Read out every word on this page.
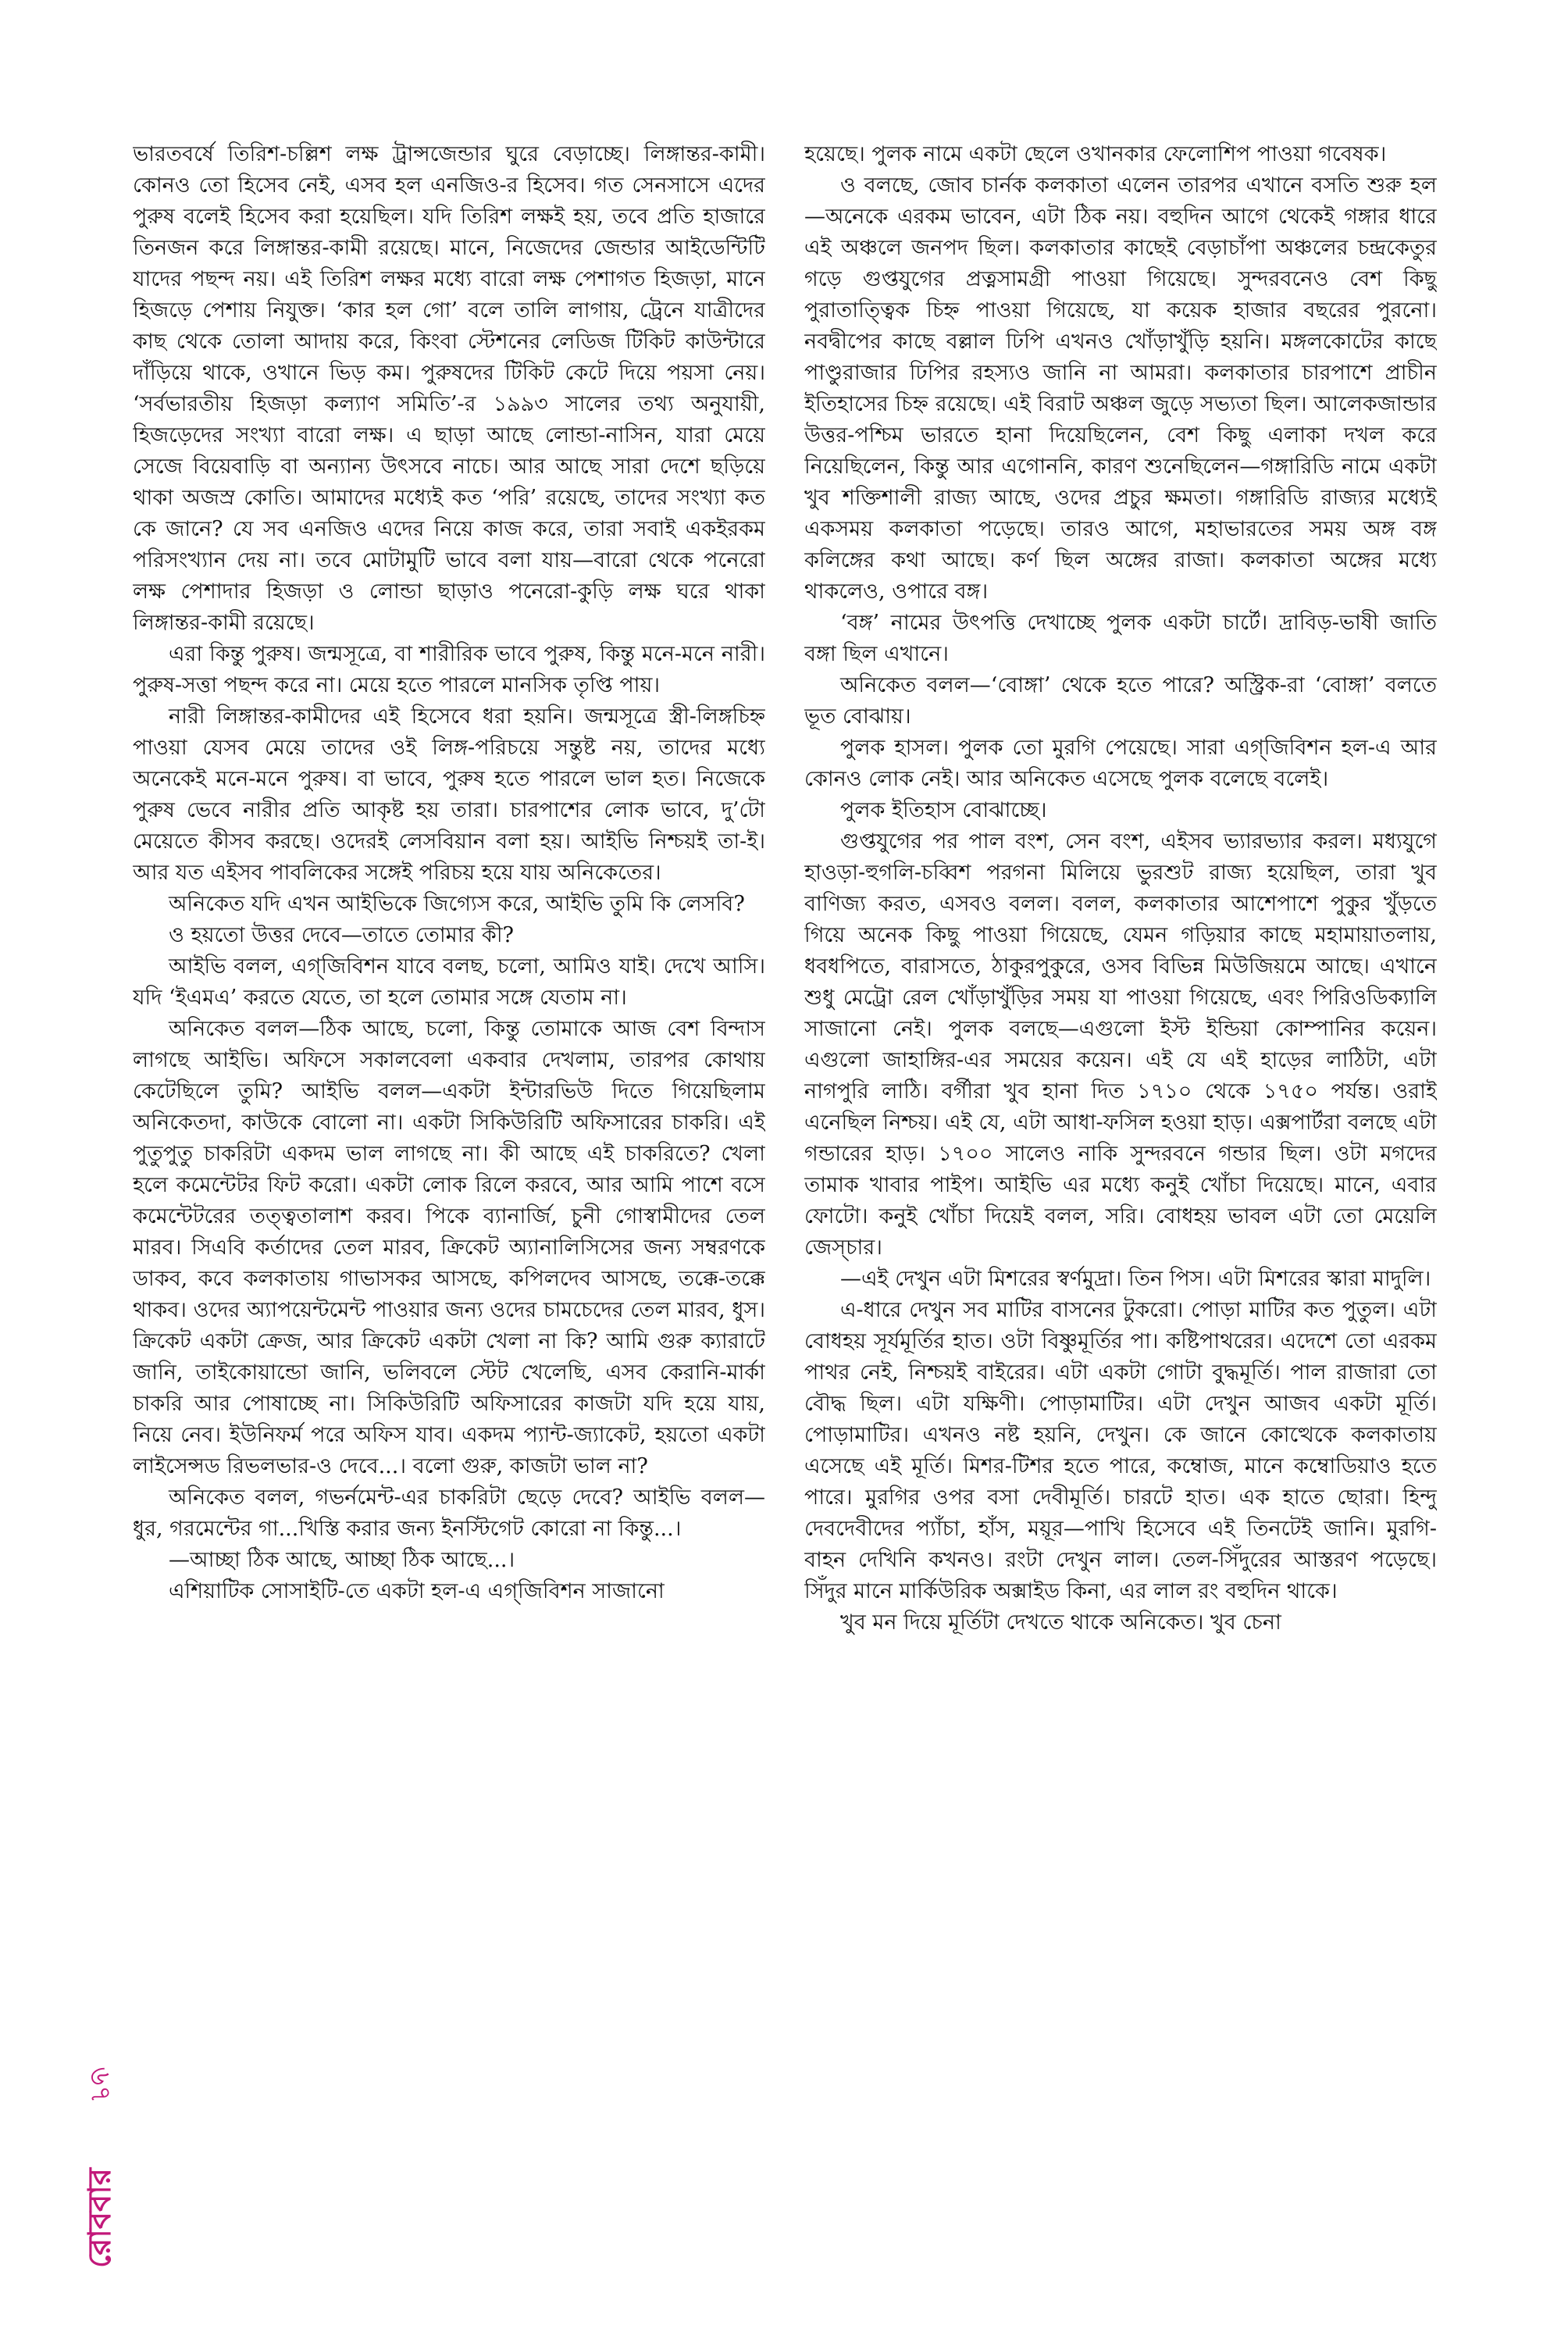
ভারতবর্ষে তিরিশ-চল্লিশ লক্ষ ট্রান্সজেন্ডার ঘুরে বেড়াচ্ছে। লিঙ্গান্তর-কামী। কোনও তো হিসেব নেই, এসব হল এনজিও-র হিসেব। গত সেনসাসে এদের পুরুষ বলেই হিসেব করা হয়েছিল। যদি তিরিশ লক্ষই হয়, তবে প্রতি হাজারে তিনজন করে লিঙ্গান্তর-কামী রয়েছে। মানে, নিজেদের জেন্ডার আইডেন্টিটি যাদের পছন্দ নয়। এই তিরিশ লক্ষর মধ্যে বারো লক্ষ পেশাগত হিজড়া, মানে হিজড়ে পেশায় নিযুক্ত। ‘কার হল গো’ বলে তালি লাগায়, ট্রেনে যাত্রীদের কাছ থেকে তোলা আদায় করে, কিংবা স্টেশনের লেডিজ টিকিট কাউন্টারে দাঁড়িয়ে থাকে, ওখানে ভিড় কম। পুরুষদের টিকিট কেটে দিয়ে পয়সা নেয়। ‘সর্বভারতীয় হিজড়া কল্যাণ সমিতি’-র ১৯৯৩ সালের তথ্য অনুযায়ী, হিজড়েদের সংখ্যা বারো লক্ষ। এ ছাড়া আছে লোন্ডা-নাসিন, যারা মেয়ে সেজে বিয়েবাড়ি বা অন্যান্য উৎসবে নাচে। আর আছে সারা দেশে ছড়িয়ে থাকা অজস্র কোতি। আমাদের মধ্যেই কত ‘পরি’ রয়েছে, তাদের সংখ্যা কত কে জানে? যে সব এনজিও এদের নিয়ে কাজ করে, তারা সবাই একইরকম পরিসংখ্যান দেয় না। তবে মোটামুটি ভাবে বলা যায়—বারো থেকে পনেরো লক্ষ পেশাদার হিজড়া ও লোন্ডা ছাড়াও পনেরো-কুড়ি লক্ষ ঘরে থাকা লিঙ্গান্তর-কামী রয়েছে।

এরা কিন্তু পুরুষ। জন্মসূত্রে, বা শারীরিক ভাবে পুরুষ, কিন্তু মনে-মনে নারী। পুরুষ-সত্তা পছন্দ করে না। মেয়ে হতে পারলে মানসিক তৃপ্তি পায়।

নারী লিঙ্গান্তর-কামীদের এই হিসেবে ধরা হয়নি। জন্মসূত্রে স্ত্রী-লিঙ্গচিহ্ন পাওয়া যেসব মেয়ে তাদের ওই লিঙ্গ-পরিচয়ে সন্তুষ্ট নয়, তাদের মধ্যে অনেকেই মনে-মনে পুরুষ। বা ভাবে, পুরুষ হতে পারলে ভাল হত। নিজেকে পুরুষ ভেবে নারীর প্রতি আকৃষ্ট হয় তারা। চারপাশের লোক ভাবে, দু’টো মেয়েতে কীসব করছে। ওদেরই লেসবিয়ান বলা হয়। আইভি নিশ্চয়ই তা-ই। আর যত এইসব পাবলিকের সঙ্গেই পরিচয় হয়ে যায় অনিকেতের।

অনিকেত যদি এখন আইভিকে জিগ্যেস করে, আইভি তুমি কি লেসবি?

ও হয়তো উত্তর দেবে—তাতে তোমার কী?

আইভি বলল, এগ্‌জিবিশন যাবে বলছ, চলো, আমিও যাই। দেখে আসি। যদি ‘ইএমএ’ করতে যেতে, তা হলে তোমার সঙ্গে যেতাম না।

অনিকেত বলল—ঠিক আছে, চলো, কিন্তু তোমাকে আজ বেশ বিন্দাস লাগছে আইভি। অফিসে সকালবেলা একবার দেখলাম, তারপর কোথায় কেটেছিলে তুমি? আইভি বলল—একটা ইন্টারভিউ দিতে গিয়েছিলাম অনিকেতদা, কাউকে বোলো না। একটা সিকিউরিটি অফিসারের চাকরি। এই পুতুপুতু চাকরিটা একদম ভাল লাগছে না। কী আছে এই চাকরিতে? খেলা হলে কমেন্টেটর ফিট করো। একটা লোক রিলে করবে, আর আমি পাশে বসে কমেন্টেটরের তত্ত্বতালাশ করব। পিকে ব্যানার্জি, চুনী গোস্বামীদের তেল মারব। সিএবি কর্তাদের তেল মারব, ক্রিকেট অ্যানালিসিসের জন্য সম্বরণকে ডাকব, কবে কলকাতায় গাভাসকর আসছে, কপিলদেব আসছে, তক্কে-তক্কে থাকব। ওদের অ্যাপয়েন্টমেন্ট পাওয়ার জন্য ওদের চামচেদের তেল মারব, ধুস। ক্রিকেট একটা ক্রেজ, আর ক্রিকেট একটা খেলা না কি? আমি গুরু ক্যারাটে জানি, তাইকোয়ান্ডো জানি, ভলিবলে স্টেট খেলেছি, এসব কেরানি-মার্কা চাকরি আর পোষাচ্ছে না। সিকিউরিটি অফিসারের কাজটা যদি হয়ে যায়, নিয়ে নেব। ইউনিফর্ম পরে অফিস যাব। একদম প্যান্ট-জ্যাকেট, হয়তো একটা লাইসেন্সড রিভলভার-ও দেবে...। বলো গুরু, কাজটা ভাল না?

অনিকেত বলল, গভর্নমেন্ট-এর চাকরিটা ছেড়ে দেবে? আইভি বলল—ধুর, গরমেন্টের গা...খিস্তি করার জন্য ইনস্টিগেট কোরো না কিন্তু...।

—আচ্ছা ঠিক আছে, আচ্ছা ঠিক আছে...।

এশিয়াটিক সোসাইটি-তে একটা হল-এ এগ্‌জিবিশন সাজানো

হয়েছে। পুলক নামে একটা ছেলে ওখানকার ফেলোশিপ পাওয়া গবেষক।

ও বলছে, জোব চার্নক কলকাতা এলেন তারপর এখানে বসতি শুরু হল—অনেকে এরকম ভাবেন, এটা ঠিক নয়। বহুদিন আগে থেকেই গঙ্গার ধারে এই অঞ্চলে জনপদ ছিল। কলকাতার কাছেই বেড়াচাঁপা অঞ্চলের চন্দ্রকেতুর গড়ে গুপ্তযুগের প্রত্নসামগ্রী পাওয়া গিয়েছে। সুন্দরবনেও বেশ কিছু পুরাতাত্ত্বিক চিহ্ন পাওয়া গিয়েছে, যা কয়েক হাজার বছরের পুরনো। নবদ্বীপের কাছে বল্লাল ঢিপি এখনও খোঁড়াখুঁড়ি হয়নি। মঙ্গলকোটের কাছে পাণ্ডুরাজার ঢিপির রহস্যও জানি না আমরা। কলকাতার চারপাশে প্রাচীন ইতিহাসের চিহ্ন রয়েছে। এই বিরাট অঞ্চল জুড়ে সভ্যতা ছিল। আলেকজান্ডার উত্তর-পশ্চিম ভারতে হানা দিয়েছিলেন, বেশ কিছু এলাকা দখল করে নিয়েছিলেন, কিন্তু আর এগোননি, কারণ শুনেছিলেন—গঙ্গারিডি নামে একটা খুব শক্তিশালী রাজ্য আছে, ওদের প্রচুর ক্ষমতা। গঙ্গারিডি রাজ্যর মধ্যেই একসময় কলকাতা পড়েছে। তারও আগে, মহাভারতের সময় অঙ্গ বঙ্গ কলিঙ্গের কথা আছে। কর্ণ ছিল অঙ্গের রাজা। কলকাতা অঙ্গের মধ্যে থাকলেও, ওপারে বঙ্গ।

‘বঙ্গ’ নামের উৎপত্তি দেখাচ্ছে পুলক একটা চার্টে। দ্রাবিড়-ভাষী জাতি বঙ্গা ছিল এখানে।

অনিকেত বলল—‘বোঙ্গা’ থেকে হতে পারে? অস্ট্রিক-রা ‘বোঙ্গা’ বলতে ভূত বোঝায়।

পুলক হাসল। পুলক তো মুরগি পেয়েছে। সারা এগ্‌জিবিশন হল-এ আর কোনও লোক নেই। আর অনিকেত এসেছে পুলক বলেছে বলেই।

পুলক ইতিহাস বোঝাচ্ছে।

গুপ্তযুগের পর পাল বংশ, সেন বংশ, এইসব ভ্যারভ্যার করল। মধ্যযুগে হাওড়া-হুগলি-চব্বিশ পরগনা মিলিয়ে ভুরশুট রাজ্য হয়েছিল, তারা খুব বাণিজ্য করত, এসবও বলল। বলল, কলকাতার আশেপাশে পুকুর খুঁড়তে গিয়ে অনেক কিছু পাওয়া গিয়েছে, যেমন গড়িয়ার কাছে মহামায়াতলায়, ধবধপিতে, বারাসতে, ঠাকুরপুকুরে, ওসব বিভিন্ন মিউজিয়মে আছে। এখানে শুধু মেট্রো রেল খোঁড়াখুঁড়ির সময় যা পাওয়া গিয়েছে, এবং পিরিওডিক্যালি সাজানো নেই। পুলক বলছে—এগুলো ইস্ট ইন্ডিয়া কোম্পানির কয়েন। এগুলো জাহাঙ্গির-এর সময়ের কয়েন। এই যে এই হাড়ের লাঠিটা, এটা নাগপুরি লাঠি। বর্গীরা খুব হানা দিত ১৭১০ থেকে ১৭৫০ পর্যন্ত। ওরাই এনেছিল নিশ্চয়। এই যে, এটা আধা-ফসিল হওয়া হাড়। এক্সপার্টরা বলছে এটা গন্ডারের হাড়। ১৭০০ সালেও নাকি সুন্দরবনে গন্ডার ছিল। ওটা মগদের তামাক খাবার পাইপ। আইভি এর মধ্যে কনুই খোঁচা দিয়েছে। মানে, এবার ফোটো। কনুই খোঁচা দিয়েই বলল, সরি। বোধহয় ভাবল এটা তো মেয়েলি জেস্চার।

—এই দেখুন এটা মিশরের স্বর্ণমুদ্রা। তিন পিস। এটা মিশরের স্কারা মাদুলি।

এ-ধারে দেখুন সব মাটির বাসনের টুকরো। পোড়া মাটির কত পুতুল। এটা বোধহয় সূর্যমূর্তির হাত। ওটা বিষ্ণুমূর্তির পা। কষ্টিপাথরের। এদেশে তো এরকম পাথর নেই, নিশ্চয়ই বাইরের। এটা একটা গোটা বুদ্ধমূর্তি। পাল রাজারা তো বৌদ্ধ ছিল। এটা যক্ষিণী। পোড়ামাটির। এটা দেখুন আজব একটা মূর্তি। পোড়ামাটির। এখনও নষ্ট হয়নি, দেখুন। কে জানে কোত্থেকে কলকাতায় এসেছে এই মূর্তি। মিশর-টিশর হতে পারে, কম্বোজ, মানে কম্বোডিয়াও হতে পারে। মুরগির ওপর বসা দেবীমূর্তি। চারটে হাত। এক হাতে ছোরা। হিন্দু দেবদেবীদের প্যাঁচা, হাঁস, ময়ূর—পাখি হিসেবে এই তিনটেই জানি। মুরগি-বাহন দেখিনি কখনও। রংটা দেখুন লাল। তেল-সিঁদুরের আস্তরণ পড়েছে। সিঁদুর মানে মার্কিউরিক অক্সাইড কিনা, এর লাল রং বহুদিন থাকে।

খুব মন দিয়ে মূর্তিটা দেখতে থাকে অনিকেত। খুব চেনা

৬৭
রোববার
